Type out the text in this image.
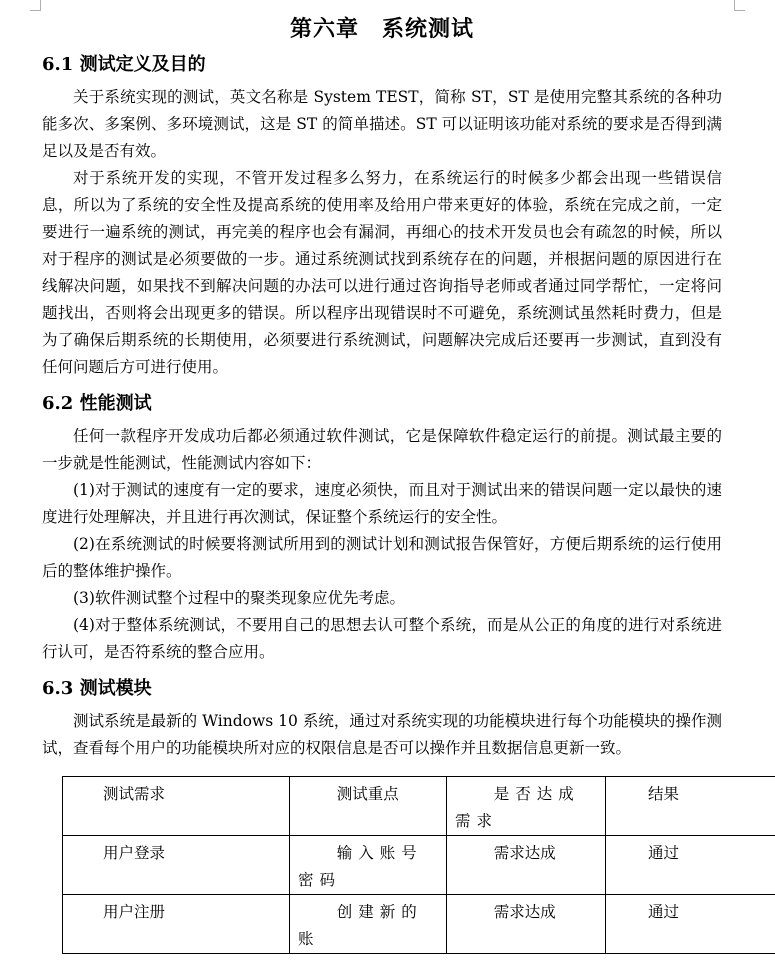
第六章　系统测试
6.1 测试定义及目的

关于系统实现的测试，英文名称是 System TEST，简称 ST，ST 是使用完整其系统的各种功能多次、多案例、多环境测试，这是 ST 的简单描述。ST 可以证明该功能对系统的要求是否得到满足以及是否有效。

对于系统开发的实现，不管开发过程多么努力，在系统运行的时候多少都会出现一些错误信息，所以为了系统的安全性及提高系统的使用率及给用户带来更好的体验，系统在完成之前，一定要进行一遍系统的测试，再完美的程序也会有漏洞，再细心的技术开发员也会有疏忽的时候，所以对于程序的测试是必须要做的一步。通过系统测试找到系统存在的问题，并根据问题的原因进行在线解决问题，如果找不到解决问题的办法可以进行通过咨询指导老师或者通过同学帮忙，一定将问题找出，否则将会出现更多的错误。所以程序出现错误时不可避免，系统测试虽然耗时费力，但是为了确保后期系统的长期使用，必须要进行系统测试，问题解决完成后还要再一步测试，直到没有任何问题后方可进行使用。

6.2 性能测试

任何一款程序开发成功后都必须通过软件测试，它是保障软件稳定运行的前提。测试最主要的一步就是性能测试，性能测试内容如下：

(1)对于测试的速度有一定的要求，速度必须快，而且对于测试出来的错误问题一定以最快的速度进行处理解决，并且进行再次测试，保证整个系统运行的安全性。

(2)在系统测试的时候要将测试所用到的测试计划和测试报告保管好，方便后期系统的运行使用后的整体维护操作。

(3)软件测试整个过程中的聚类现象应优先考虑。

(4)对于整体系统测试，不要用自己的思想去认可整个系统，而是从公正的角度的进行对系统进行认可，是否符系统的整合应用。

6.3 测试模块

测试系统是最新的 Windows 10 系统，通过对系统实现的功能模块进行每个功能模块的操作测试，查看每个用户的功能模块所对应的权限信息是否可以操作并且数据信息更新一致。

测试需求	测试重点	是否达成需求	结果
用户登录	输入账号密码	需求达成	通过
用户注册	创建新的账	需求达成	通过
